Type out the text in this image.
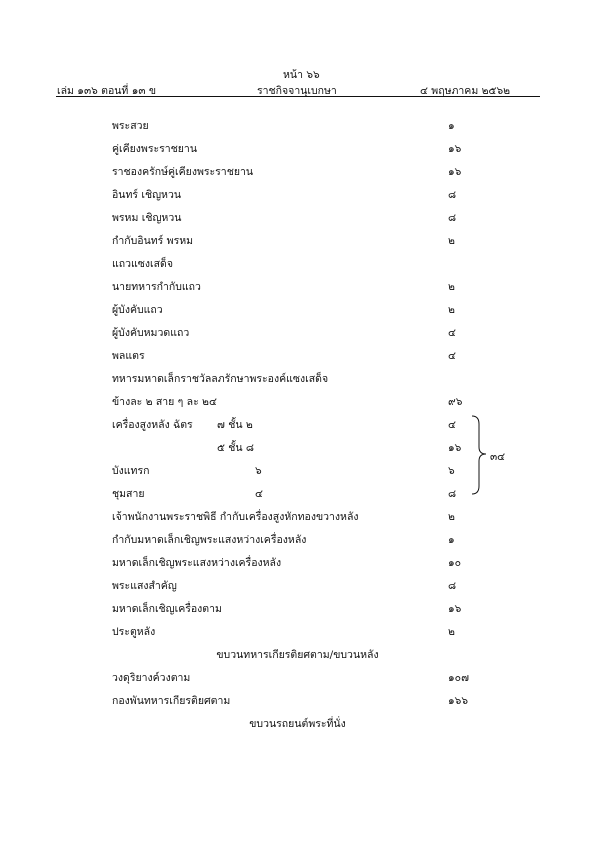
หน้า ๖๖
เล่ม ๑๓๖ ตอนที่ ๑๓ ข	ราชกิจจานุเบกษา	๔ พฤษภาคม ๒๕๖๒
พระสวย	๑
คู่เคียงพระราชยาน	๑๖
ราชองครักษ์คู่เคียงพระราชยาน	๑๖
อินทร์ เชิญหวน	๘
พรหม เชิญหวน	๘
กำกับอินทร์ พรหม	๒
แถวแซงเสด็จ
นายทหารกำกับแถว	๒
ผู้บังคับแถว	๒
ผู้บังคับหมวดแถว	๔
พลแตร	๔
ทหารมหาดเล็กราชวัลลภรักษาพระองค์แซงเสด็จ
ข้างละ ๒ สาย ๆ ละ ๒๔	๙๖
เครื่องสูงหลัง ฉัตร ๗ ชั้น ๒	๔
๕ ชั้น ๘	๑๖
บังแทรก	๖	๖
ชุมสาย	๔	๘
๓๔
เจ้าพนักงานพระราชพิธี กำกับเครื่องสูงหักทองขวางหลัง	๒
กำกับมหาดเล็กเชิญพระแสงหว่างเครื่องหลัง	๑
มหาดเล็กเชิญพระแสงหว่างเครื่องหลัง	๑๐
พระแสงสำคัญ	๘
มหาดเล็กเชิญเครื่องตาม	๑๖
ประตูหลัง	๒
ขบวนทหารเกียรติยศตาม/ขบวนหลัง
วงดุริยางค์วงตาม	๑๐๗
กองพันทหารเกียรติยศตาม	๑๖๖
ขบวนรถยนต์พระที่นั่ง
